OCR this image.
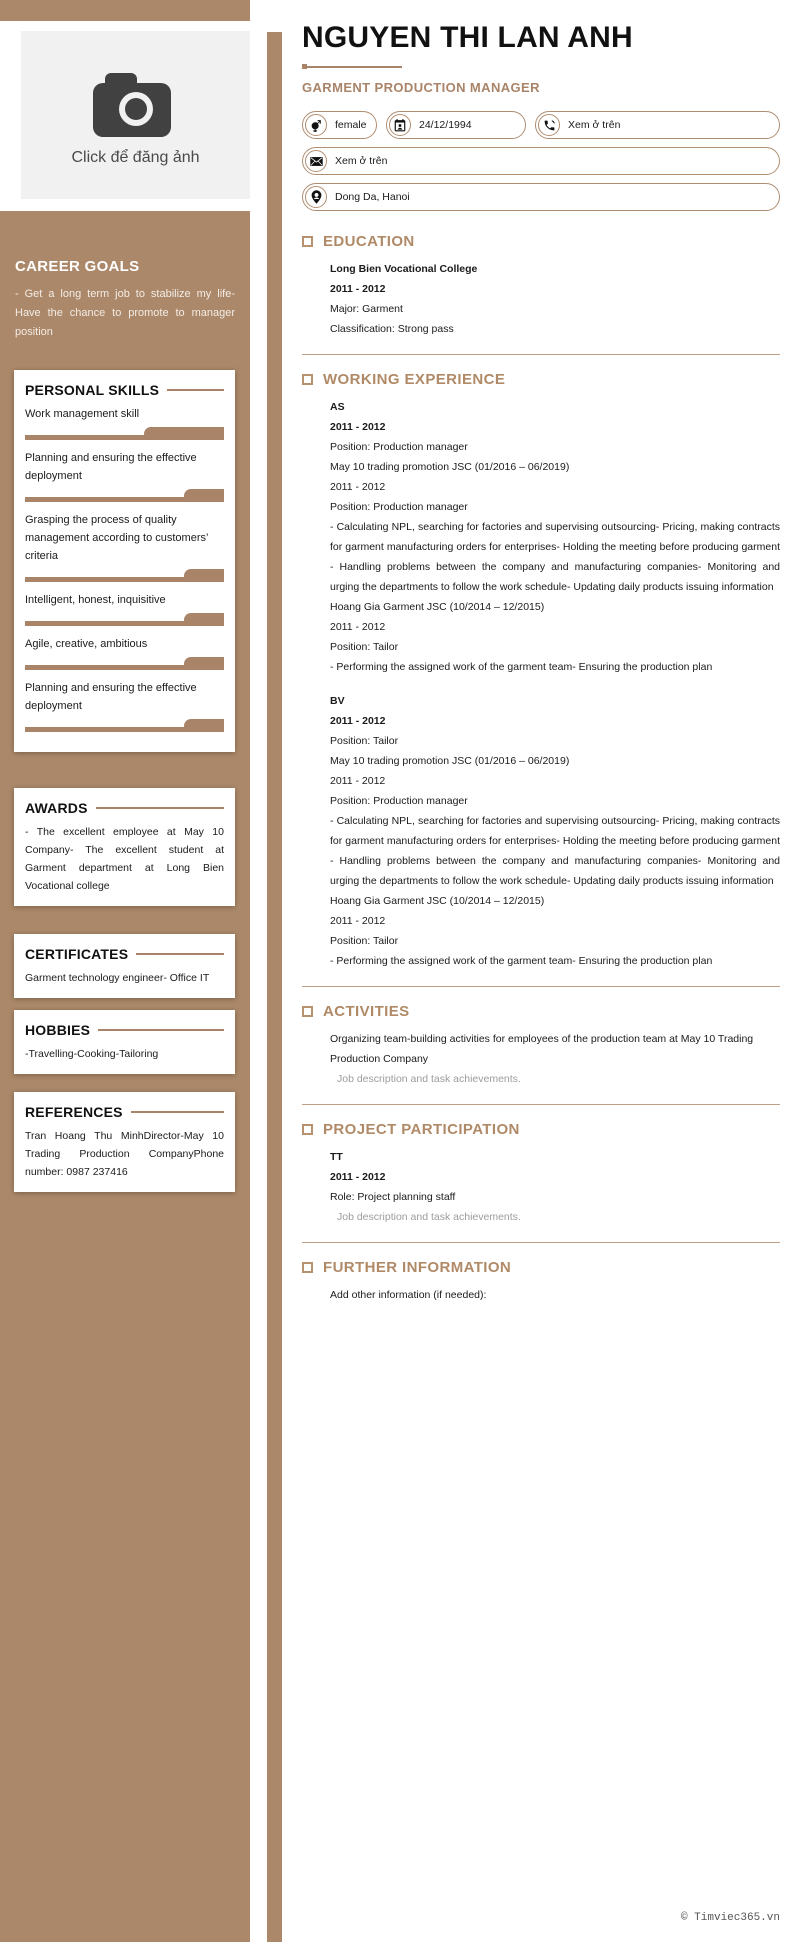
Click để đăng ảnh
CAREER GOALS
- Get a long term job to stabilize my life- Have the chance to promote to manager position
PERSONAL SKILLS
Work management skill
Planning and ensuring the effective deployment
Grasping the process of quality management according to customers’ criteria
Intelligent, honest, inquisitive
Agile, creative, ambitious
Planning and ensuring the effective deployment
AWARDS
- The excellent employee at May 10 Company- The excellent student at Garment department at Long Bien Vocational college
CERTIFICATES
Garment technology engineer- Office IT
HOBBIES
-Travelling-Cooking-Tailoring
REFERENCES
Tran Hoang Thu MinhDirector-May 10 Trading Production CompanyPhone number: 0987 237416
NGUYEN THI LAN ANH
GARMENT PRODUCTION MANAGER
female	24/12/1994	Xem ở trên
Xem ở trên
Dong Da, Hanoi
EDUCATION
Long Bien Vocational College
2011 - 2012
Major: Garment
Classification: Strong pass
WORKING EXPERIENCE
AS
2011 - 2012
Position: Production manager
May 10 trading promotion JSC (01/2016 – 06/2019)
2011 - 2012
Position: Production manager
- Calculating NPL, searching for factories and supervising outsourcing- Pricing, making contracts for garment manufacturing orders for enterprises- Holding the meeting before producing garment - Handling problems between the company and manufacturing companies- Monitoring and urging the departments to follow the work schedule- Updating daily products issuing information
Hoang Gia Garment JSC (10/2014 – 12/2015)
2011 - 2012
Position: Tailor
- Performing the assigned work of the garment team- Ensuring the production plan
BV
2011 - 2012
Position: Tailor
May 10 trading promotion JSC (01/2016 – 06/2019)
2011 - 2012
Position: Production manager
- Calculating NPL, searching for factories and supervising outsourcing- Pricing, making contracts for garment manufacturing orders for enterprises- Holding the meeting before producing garment - Handling problems between the company and manufacturing companies- Monitoring and urging the departments to follow the work schedule- Updating daily products issuing information
Hoang Gia Garment JSC (10/2014 – 12/2015)
2011 - 2012
Position: Tailor
- Performing the assigned work of the garment team- Ensuring the production plan
ACTIVITIES
Organizing team-building activities for employees of the production team at May 10 Trading Production Company
Job description and task achievements.
PROJECT PARTICIPATION
TT
2011 - 2012
Role: Project planning staff
Job description and task achievements.
FURTHER INFORMATION
Add other information (if needed):
© Timviec365.vn
